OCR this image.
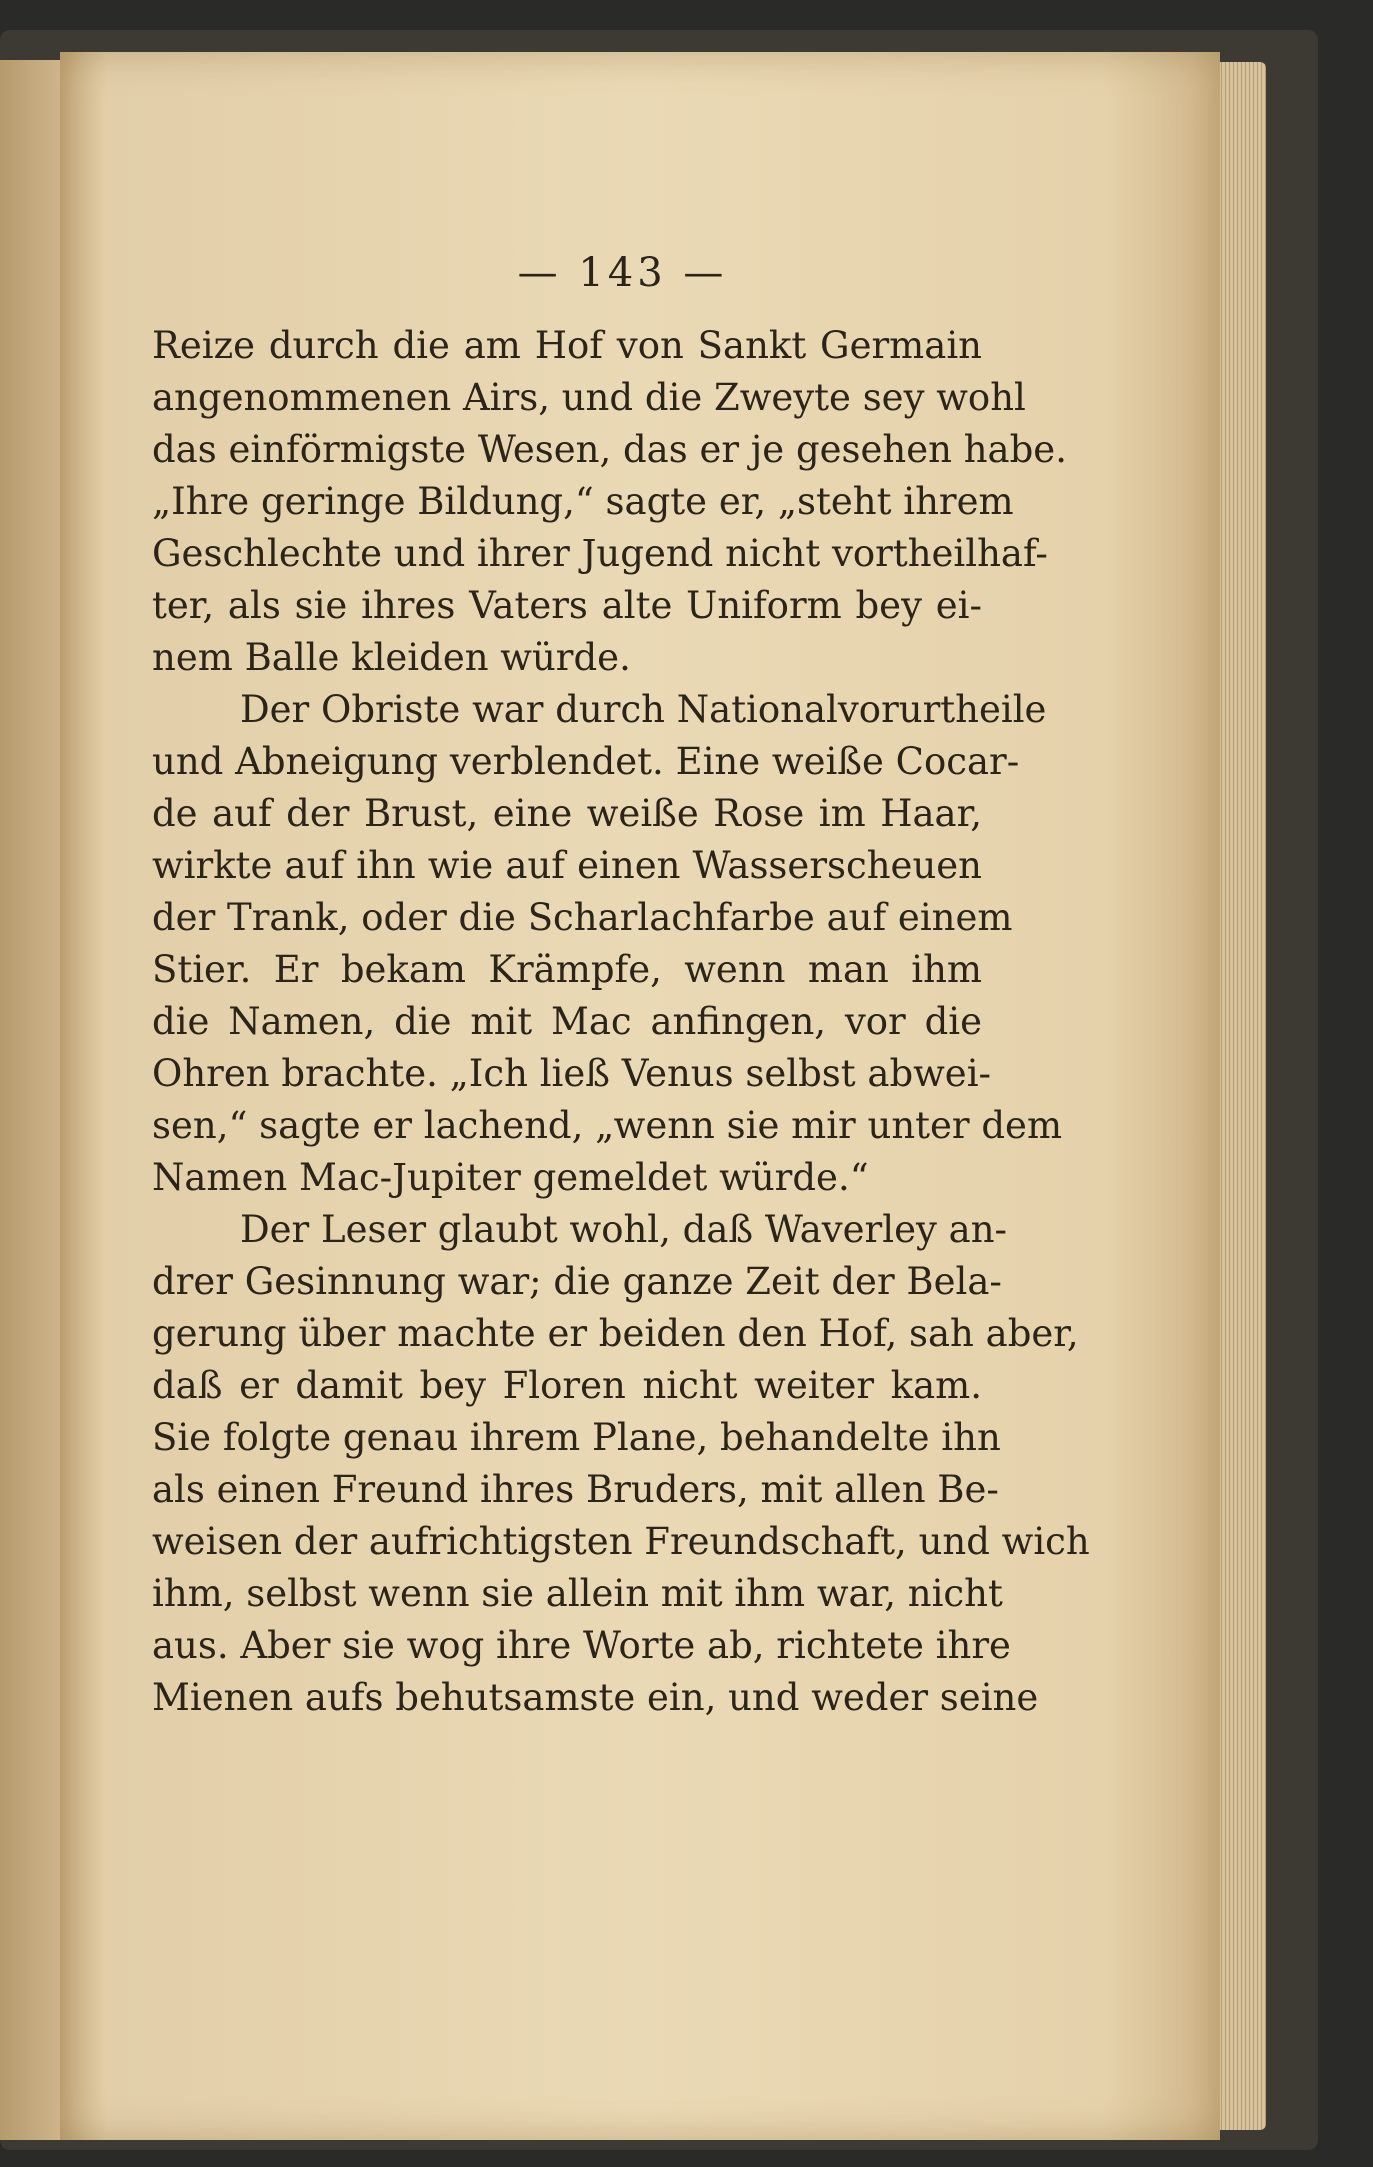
— 143 —
Reize durch die am Hof von Sankt Germain
angenommenen Airs, und die Zweyte sey wohl
das einförmigste Wesen, das er je gesehen habe.
„Ihre geringe Bildung,“ sagte er, „steht ihrem
Geschlechte und ihrer Jugend nicht vortheilhaf-
ter, als sie ihres Vaters alte Uniform bey ei-
nem Balle kleiden würde.
Der Obriste war durch Nationalvorurtheile
und Abneigung verblendet. Eine weiße Cocar-
de auf der Brust, eine weiße Rose im Haar,
wirkte auf ihn wie auf einen Wasserscheuen
der Trank, oder die Scharlachfarbe auf einem
Stier. Er bekam Krämpfe, wenn man ihm
die Namen, die mit Mac anfingen, vor die
Ohren brachte. „Ich ließ Venus selbst abwei-
sen,“ sagte er lachend, „wenn sie mir unter dem
Namen Mac-Jupiter gemeldet würde.“
Der Leser glaubt wohl, daß Waverley an-
drer Gesinnung war; die ganze Zeit der Bela-
gerung über machte er beiden den Hof, sah aber,
daß er damit bey Floren nicht weiter kam.
Sie folgte genau ihrem Plane, behandelte ihn
als einen Freund ihres Bruders, mit allen Be-
weisen der aufrichtigsten Freundschaft, und wich
ihm, selbst wenn sie allein mit ihm war, nicht
aus. Aber sie wog ihre Worte ab, richtete ihre
Mienen aufs behutsamste ein, und weder seine
